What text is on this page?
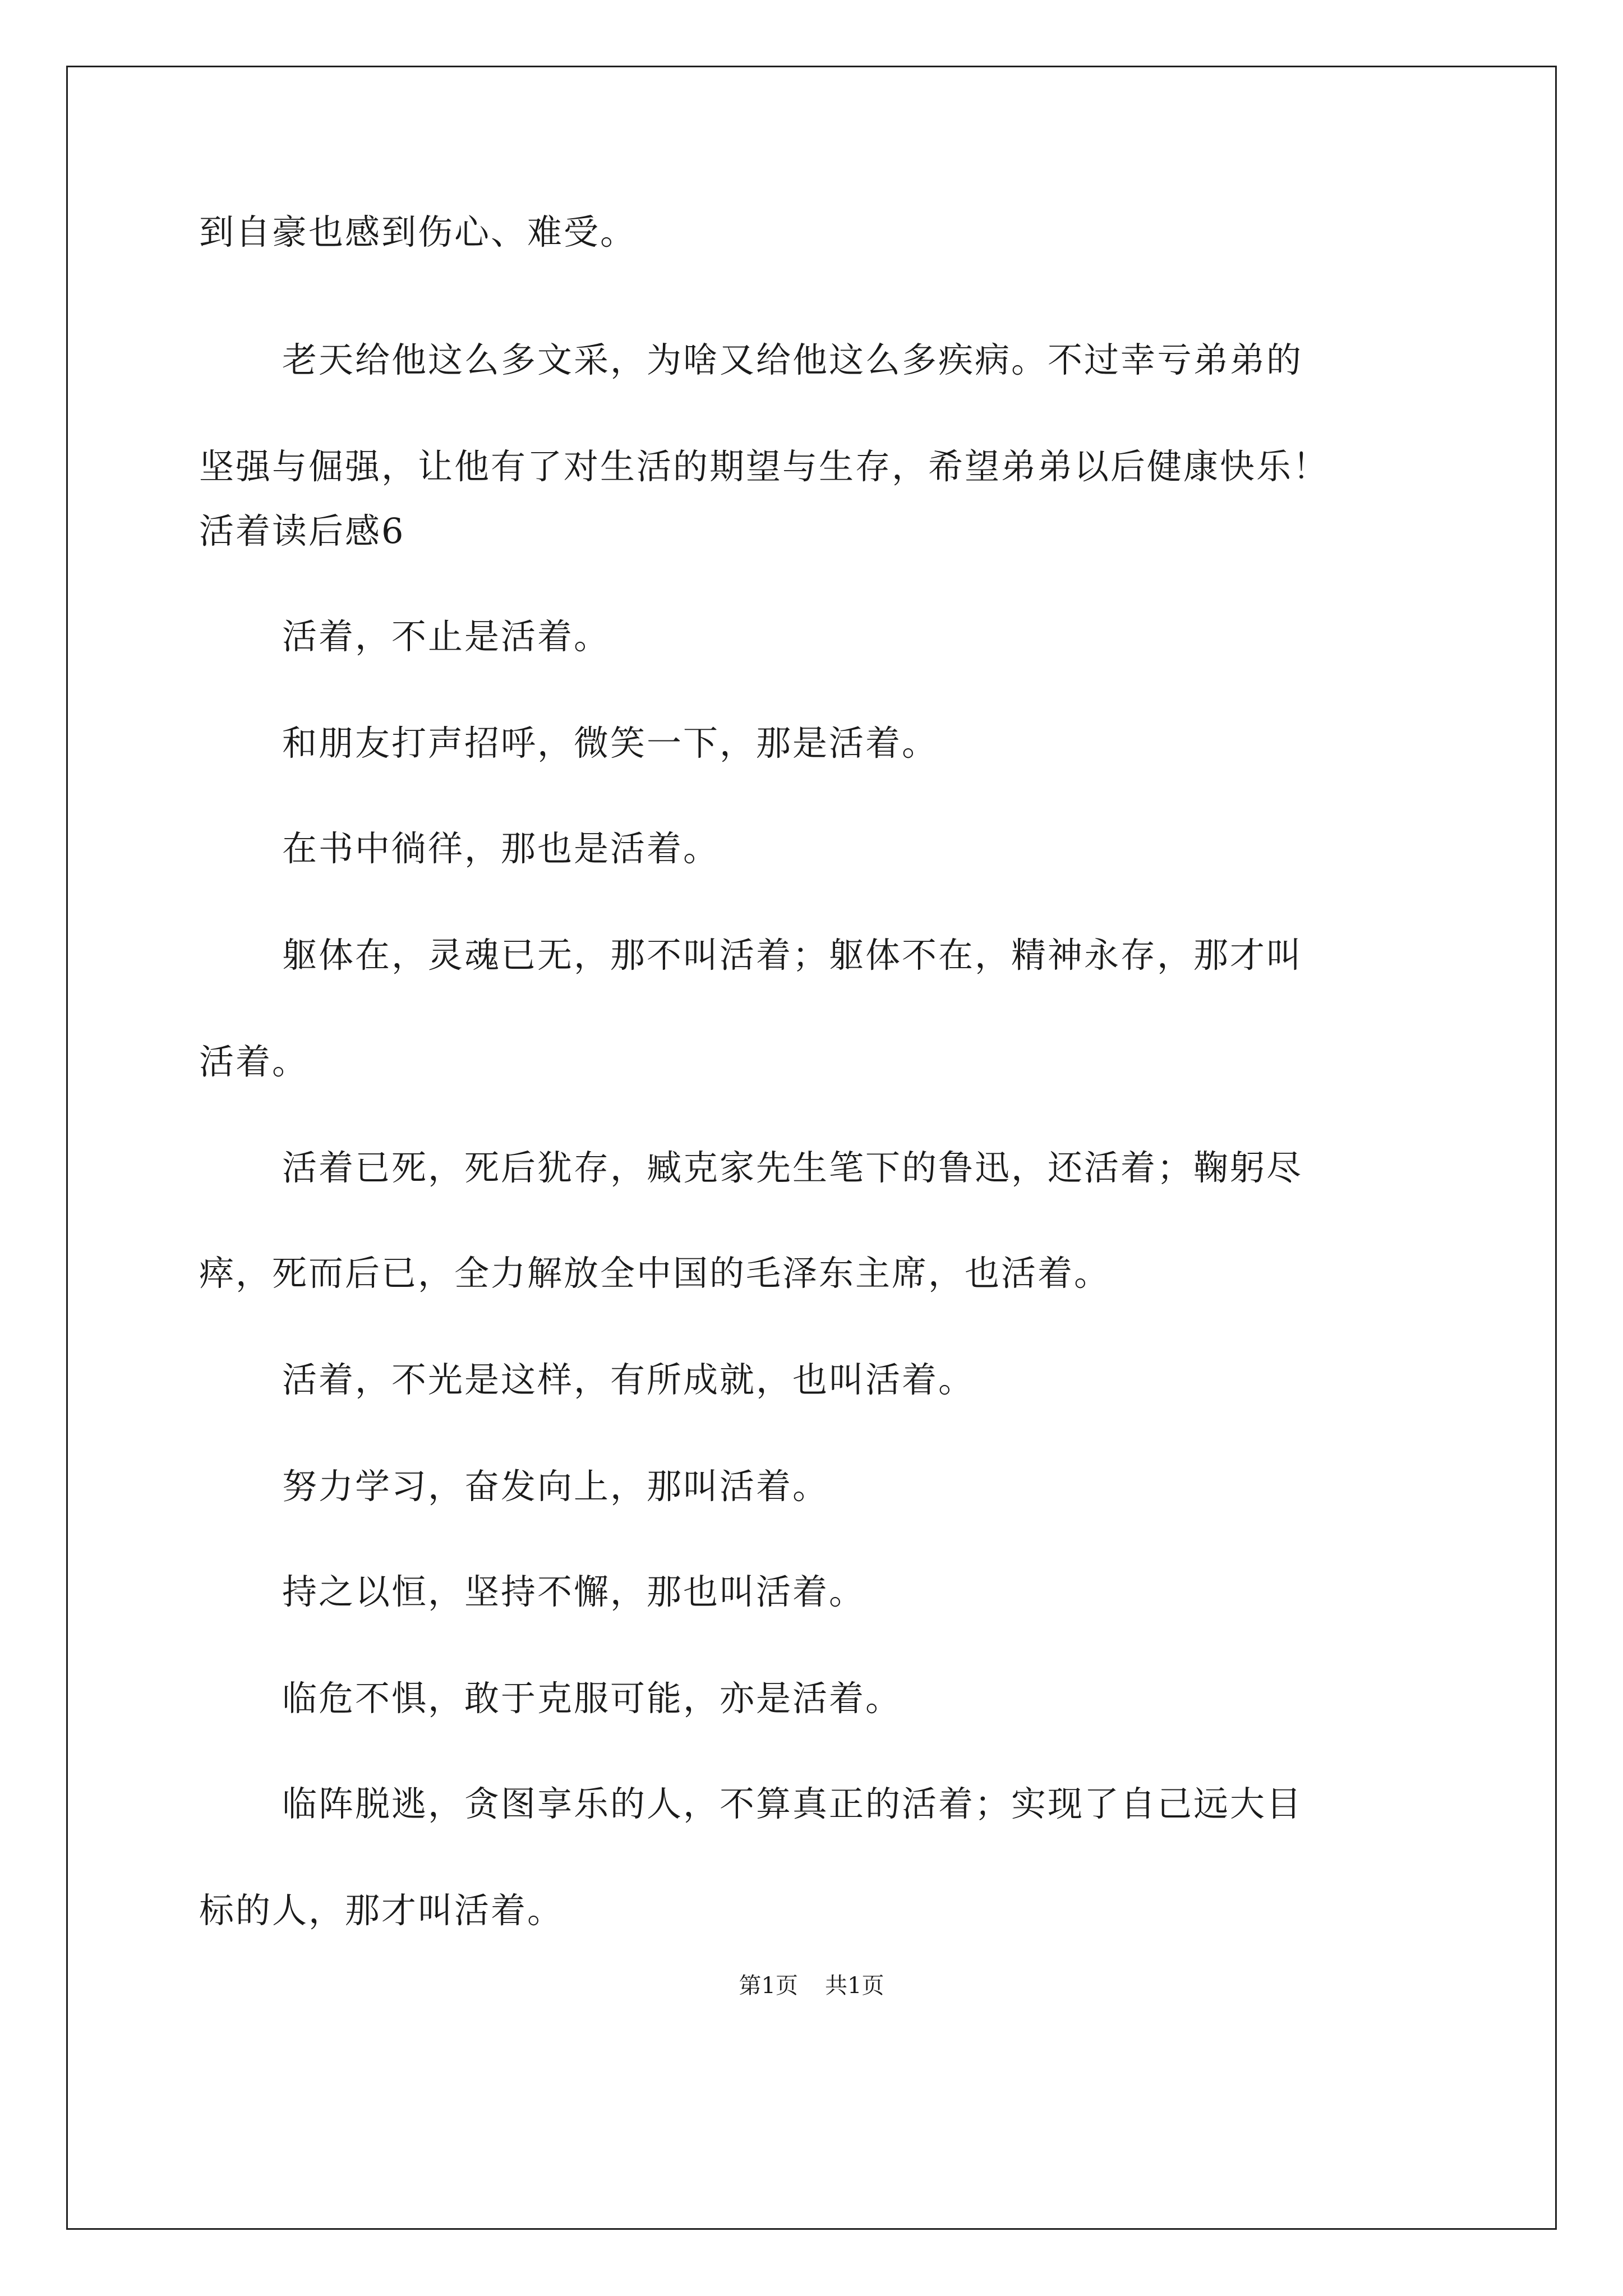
到自豪也感到伤心、难受。
老天给他这么多文采，为啥又给他这么多疾病。不过幸亏弟弟的
坚强与倔强，让他有了对生活的期望与生存，希望弟弟以后健康快乐！
活着读后感6
活着，不止是活着。
和朋友打声招呼，微笑一下，那是活着。
在书中徜徉，那也是活着。
躯体在，灵魂已无，那不叫活着；躯体不在，精神永存，那才叫
活着。
活着已死，死后犹存，臧克家先生笔下的鲁迅，还活着；鞠躬尽
瘁，死而后已，全力解放全中国的毛泽东主席，也活着。
活着，不光是这样，有所成就，也叫活着。
努力学习，奋发向上，那叫活着。
持之以恒，坚持不懈，那也叫活着。
临危不惧，敢于克服可能，亦是活着。
临阵脱逃，贪图享乐的人，不算真正的活着；实现了自己远大目
标的人，那才叫活着。
第1页 共1页
